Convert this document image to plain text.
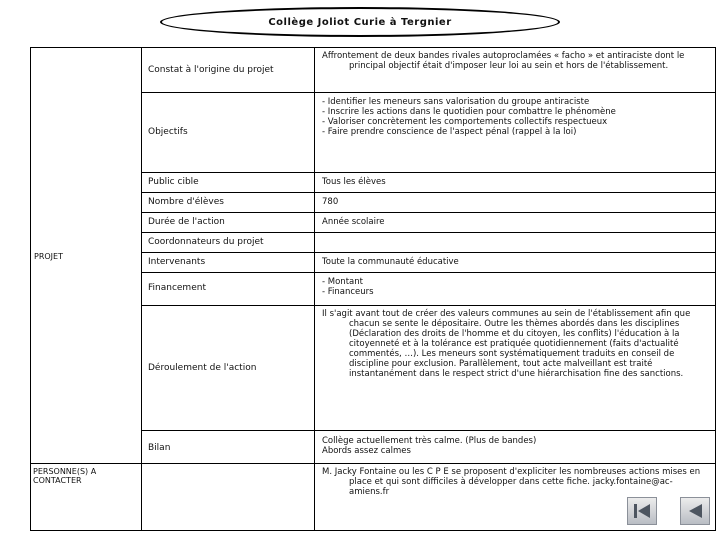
Collège Joliot Curie à Tergnier
PROJET
PERSONNE(S) A CONTACTER
Constat à l'origine du projet
Objectifs
Public cible
Nombre d'élèves
Durée de l'action
Coordonnateurs du projet
Intervenants
Financement
Déroulement de l'action
Bilan

Affrontement de deux bandes rivales autoproclamées « facho » et antiraciste dont le principal objectif était d'imposer leur loi au sein et hors de l'établissement.

- Identifier les meneurs sans valorisation du groupe antiraciste

- Inscrire les actions dans le quotidien pour combattre le phénomène

- Valoriser concrètement les comportements collectifs respectueux

- Faire prendre conscience de l'aspect pénal (rappel à la loi)

Tous les élèves
780
Année scolaire
Toute la communauté éducative

- Montant

- Financeurs

Il s'agit avant tout de créer des valeurs communes au sein de l'établissement afin que chacun se sente le dépositaire. Outre les thèmes abordés dans les disciplines (Déclaration des droits de l'homme et du citoyen, les conflits) l'éducation à la citoyenneté et à la tolérance est pratiquée quotidiennement (faits d'actualité commentés, …). Les meneurs sont systématiquement traduits en conseil de discipline pour exclusion. Parallèlement, tout acte malveillant est traité instantanément dans le respect strict d'une hiérarchisation fine des sanctions.

Collège actuellement très calme. (Plus de bandes)

Abords assez calmes

M. Jacky Fontaine ou les C P E se proposent d'expliciter les nombreuses actions mises en place et qui sont difficiles à développer dans cette fiche. jacky.fontaine@ac-amiens.fr
